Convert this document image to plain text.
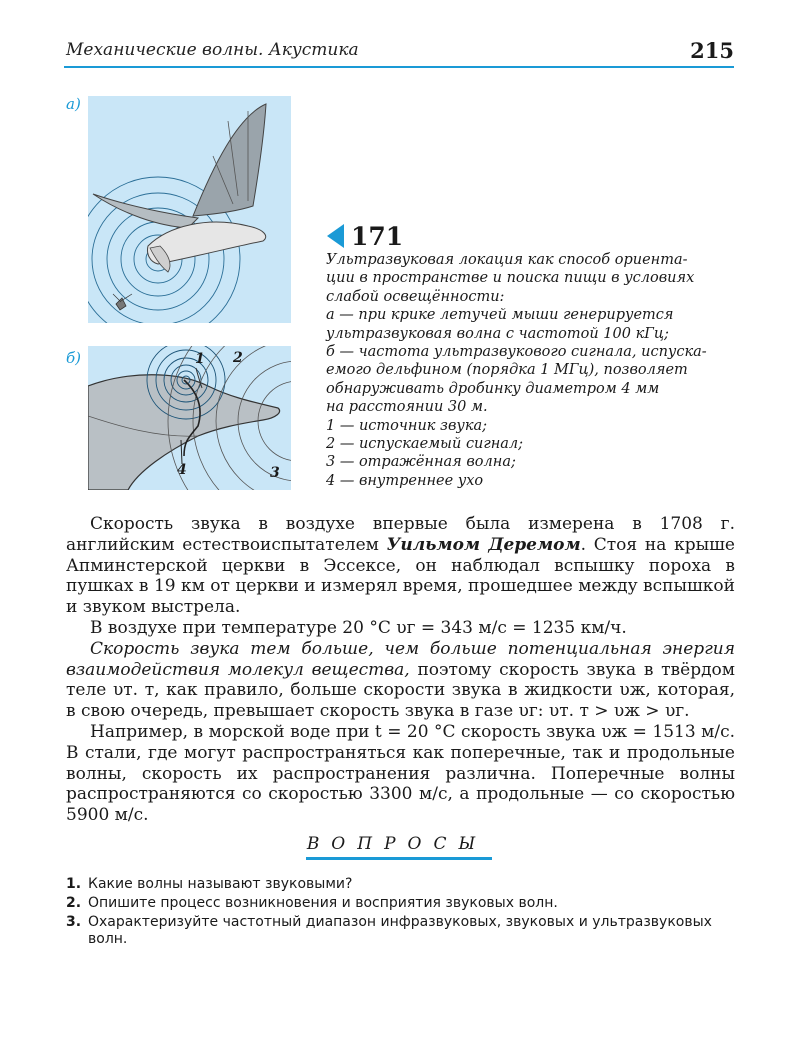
Механические волны. Акустика	215
а)
б)	1 2
3
4
171
Ультразвуковая локация как способ ориента-
ции в пространстве и поиска пищи в условиях
слабой освещённости:
а — при крике летучей мыши генерируется
ультразвуковая волна с частотой 100 кГц;
б — частота ультразвукового сигнала, испуска-
емого дельфином (порядка 1 МГц), позволяет
обнаруживать дробинку диаметром 4 мм
на расстоянии 30 м.
1 — источник звука;
2 — испускаемый сигнал;
3 — отражённая волна;
4 — внутреннее ухо

Скорость звука в воздухе впервые была измерена в 1708 г. английским естествоиспытателем Уильмом Деремом. Стоя на крыше Апминстерской церкви в Эссексе, он наблюдал вспышку пороха в пушках в 19 км от церкви и измерял время, прошедшее между вспышкой и звуком выстрела.

В воздухе при температуре 20 °С υг = 343 м/с = 1235 км/ч.

Скорость звука тем больше, чем больше потенциальная энергия взаимодействия молекул вещества, поэтому скорость звука в твёрдом теле υт. т, как правило, больше скорости звука в жидкости υж, которая, в свою очередь, превышает скорость звука в газе υг: υт. т > υж > υг.

Например, в морской воде при t = 20 °С скорость звука υж = 1513 м/с. В стали, где могут распространяться как поперечные, так и продольные волны, скорость их распространения различна. Поперечные волны распространяются со скоростью 3300 м/с, а продольные — со скоростью 5900 м/с.

ВОПРОСЫ
1. Какие волны называют звуковыми?
2. Опишите процесс возникновения и восприятия звуковых волн.
3. Охарактеризуйте частотный диапазон инфразвуковых, звуковых и ультразвуковых волн.
